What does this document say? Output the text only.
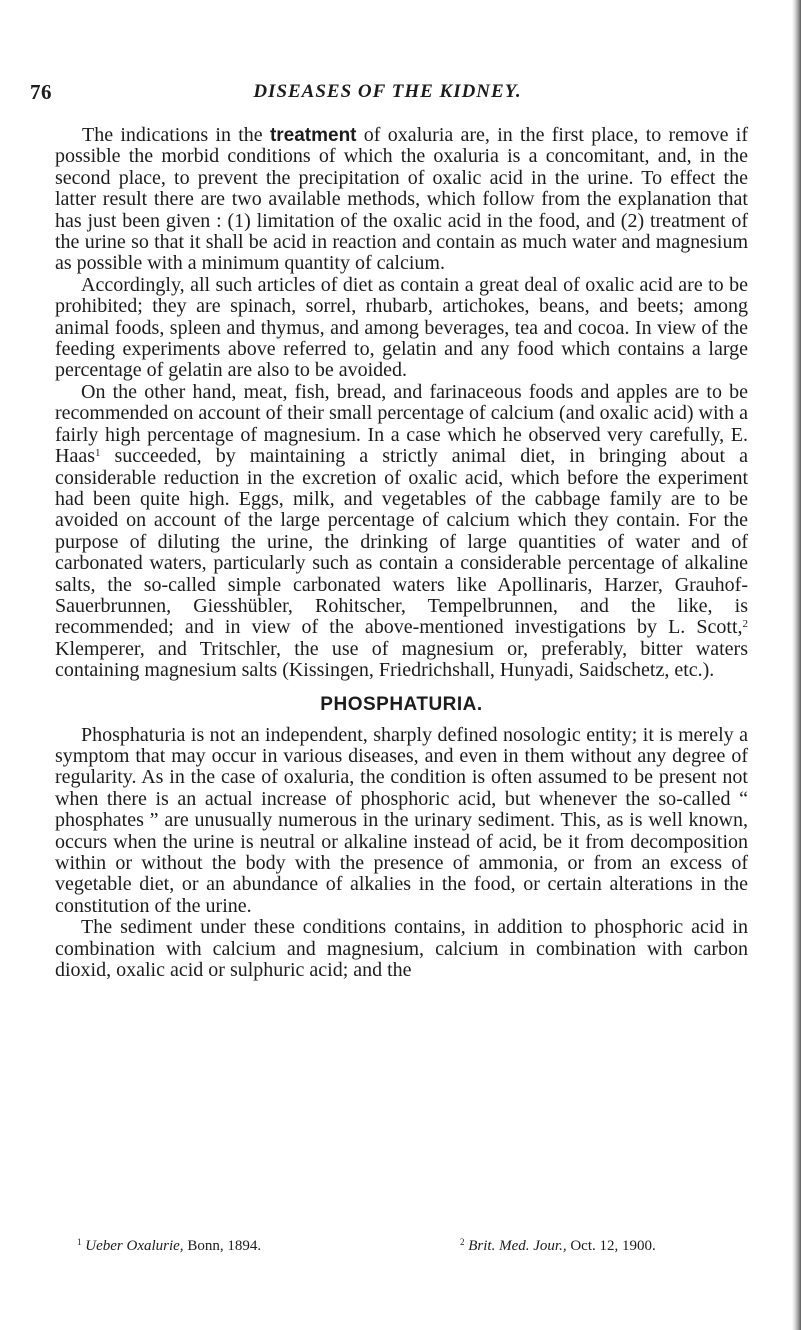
76	DISEASES OF THE KIDNEY.

The indications in the treatment of oxaluria are, in the first place, to remove if possible the morbid conditions of which the oxaluria is a concomitant, and, in the second place, to prevent the precipitation of oxalic acid in the urine. To effect the latter result there are two available methods, which follow from the explanation that has just been given : (1) limitation of the oxalic acid in the food, and (2) treatment of the urine so that it shall be acid in reaction and contain as much water and magnesium as possible with a minimum quantity of calcium.

Accordingly, all such articles of diet as contain a great deal of oxalic acid are to be prohibited; they are spinach, sorrel, rhubarb, artichokes, beans, and beets; among animal foods, spleen and thymus, and among beverages, tea and cocoa. In view of the feeding experiments above referred to, gelatin and any food which contains a large percentage of gelatin are also to be avoided.

On the other hand, meat, fish, bread, and farinaceous foods and apples are to be recommended on account of their small percentage of calcium (and oxalic acid) with a fairly high percentage of magnesium. In a case which he observed very carefully, E. Haas$^1$ succeeded, by maintaining a strictly animal diet, in bringing about a considerable reduction in the excretion of oxalic acid, which before the experiment had been quite high. Eggs, milk, and vegetables of the cabbage family are to be avoided on account of the large percentage of calcium which they contain. For the purpose of diluting the urine, the drinking of large quantities of water and of carbonated waters, particularly such as contain a considerable percentage of alkaline salts, the so-called simple carbonated waters like Apollinaris, Harzer, Grauhof-Sauerbrunnen, Giesshübler, Rohitscher, Tempelbrunnen, and the like, is recommended; and in view of the above-mentioned investigations by L. Scott,$^2$ Klemperer, and Tritschler, the use of magnesium or, preferably, bitter waters containing magnesium salts (Kissingen, Friedrichshall, Hunyadi, Saidschetz, etc.).

PHOSPHATURIA.

Phosphaturia is not an independent, sharply defined nosologic entity; it is merely a symptom that may occur in various diseases, and even in them without any degree of regularity. As in the case of oxaluria, the condition is often assumed to be present not when there is an actual increase of phosphoric acid, but whenever the so-called “ phosphates ” are unusually numerous in the urinary sediment. This, as is well known, occurs when the urine is neutral or alkaline instead of acid, be it from decomposition within or without the body with the presence of ammonia, or from an excess of vegetable diet, or an abundance of alkalies in the food, or certain alterations in the constitution of the urine.

The sediment under these conditions contains, in addition to phosphoric acid in combination with calcium and magnesium, calcium in combination with carbon dioxid, oxalic acid or sulphuric acid; and the

$^1$ Ueber Oxalurie, Bonn, 1894.	$^2$ Brit. Med. Jour., Oct. 12, 1900.
